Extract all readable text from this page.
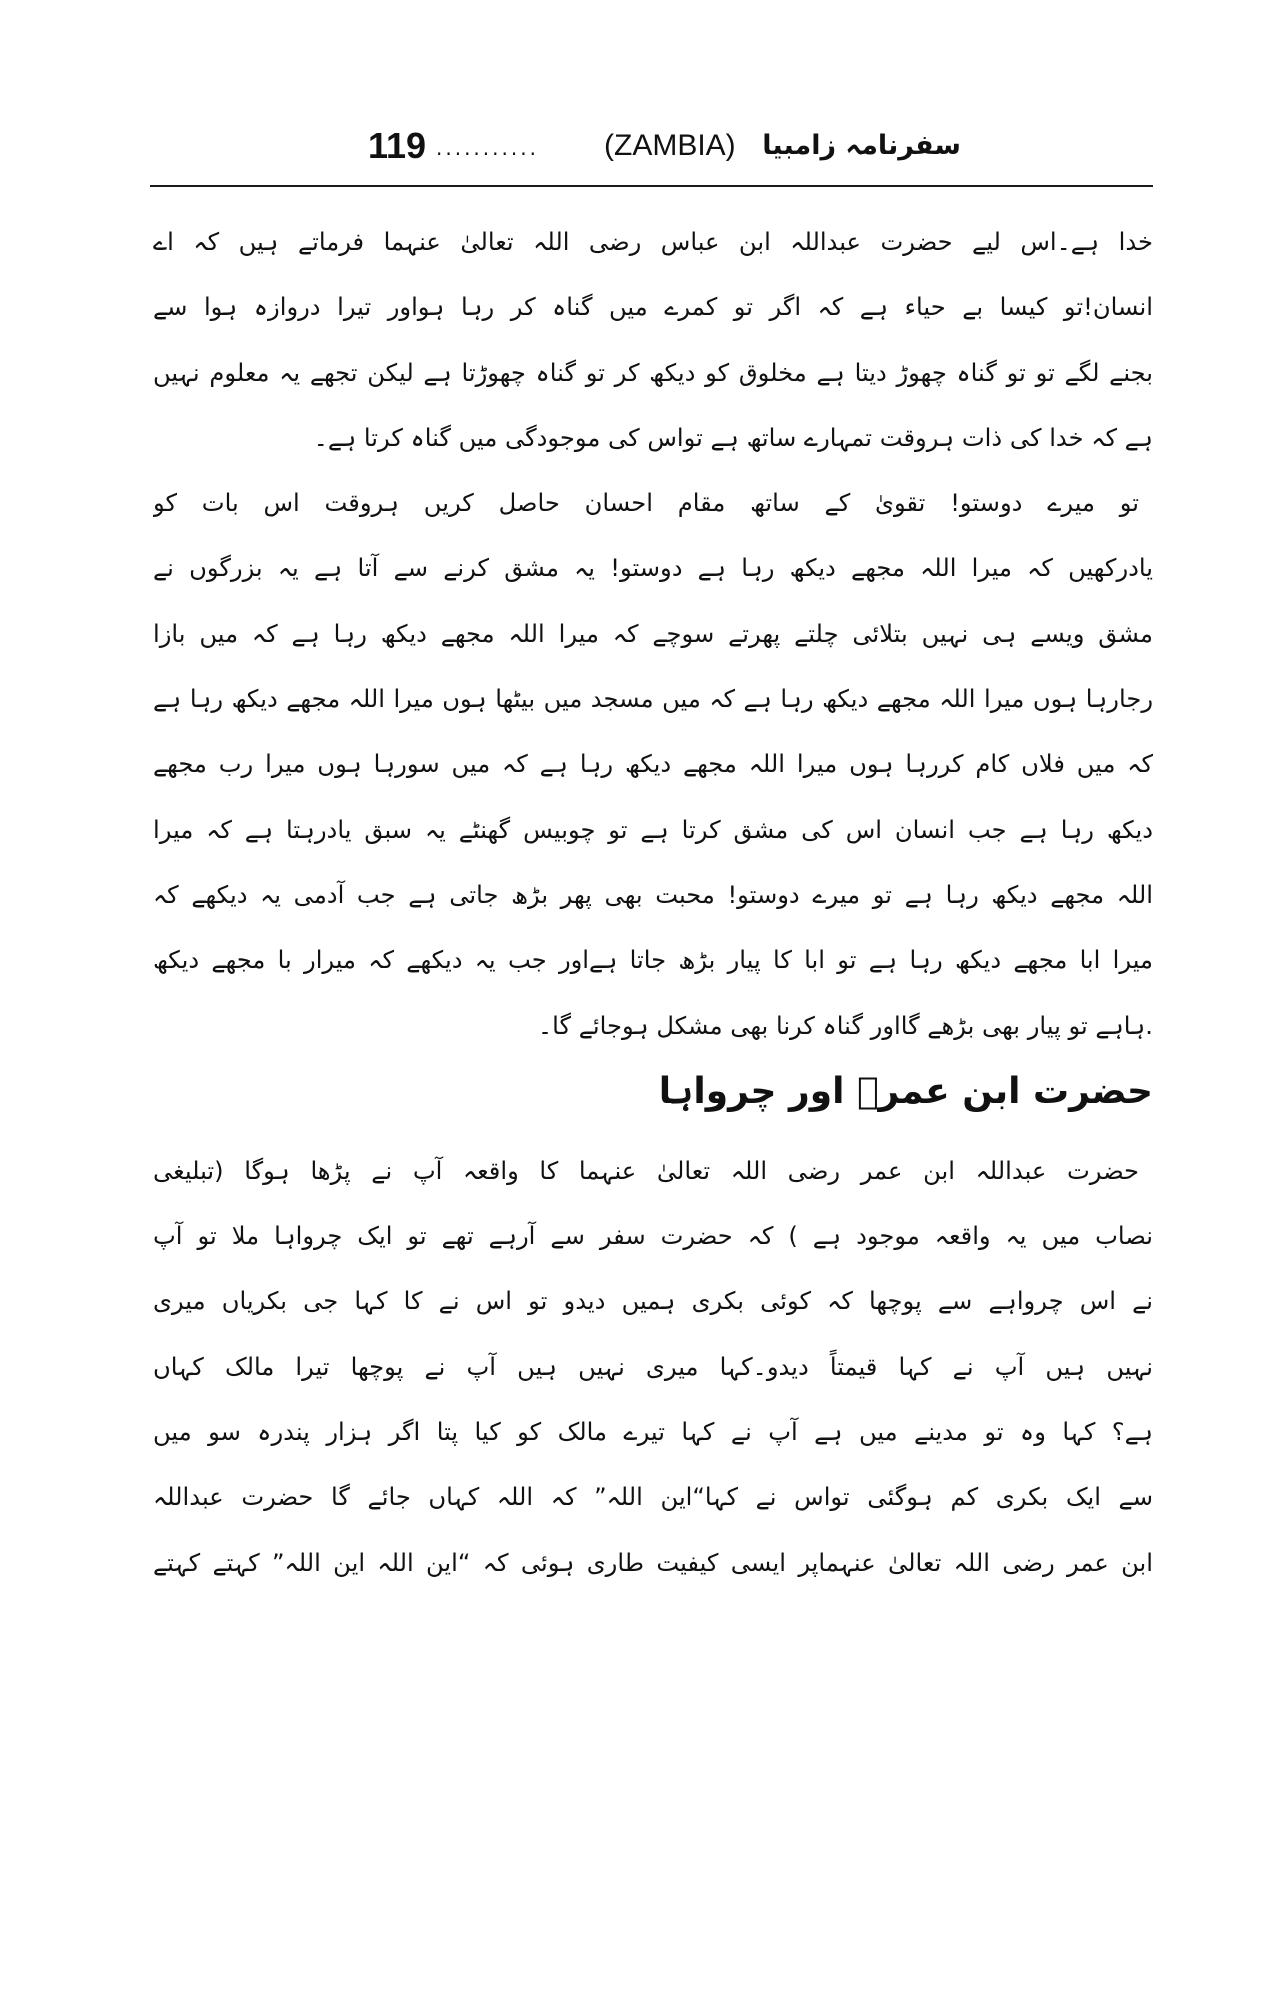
119 ........... (ZAMBIA) سفرنامہ زامبیا
خدا ہے۔اس لیے حضرت عبداللہ ابن عباس رضی اللہ تعالیٰ عنہما فرماتے ہیں کہ اے
انسان!تو کیسا بے حیاء ہے کہ اگر تو کمرے میں گناہ کر رہا ہواور تیرا دروازہ ہوا سے
بجنے لگے تو تو گناہ چھوڑ دیتا ہے مخلوق کو دیکھ کر تو گناہ چھوڑتا ہے لیکن تجھے یہ معلوم نہیں
ہے کہ خدا کی ذات ہروقت تمہارے ساتھ ہے تواس کی موجودگی میں گناہ کرتا ہے۔
تو میرے دوستو! تقویٰ کے ساتھ مقام احسان حاصل کریں ہروقت اس بات کو
یادرکھیں کہ میرا اللہ مجھے دیکھ رہا ہے دوستو! یہ مشق کرنے سے آتا ہے یہ بزرگوں نے
مشق ویسے ہی نہیں بتلائی چلتے پھرتے سوچے کہ میرا اللہ مجھے دیکھ رہا ہے کہ میں بازا
رجارہا ہوں میرا اللہ مجھے دیکھ رہا ہے کہ میں مسجد میں بیٹھا ہوں میرا اللہ مجھے دیکھ رہا ہے
کہ میں فلاں کام کررہا ہوں میرا اللہ مجھے دیکھ رہا ہے کہ میں سورہا ہوں میرا رب مجھے
دیکھ رہا ہے جب انسان اس کی مشق کرتا ہے تو چوبیس گھنٹے یہ سبق یادرہتا ہے کہ میرا
اللہ مجھے دیکھ رہا ہے تو میرے دوستو! محبت بھی پھر بڑھ جاتی ہے جب آدمی یہ دیکھے کہ
میرا ابا مجھے دیکھ رہا ہے تو ابا کا پیار بڑھ جاتا ہےاور جب یہ دیکھے کہ میرار با مجھے دیکھ
.ہاہے تو پیار بھی بڑھے گااور گناہ کرنا بھی مشکل ہوجائے گا۔
حضرت ابن عمرؓ اور چرواہا
حضرت عبداللہ ابن عمر رضی اللہ تعالیٰ عنہما کا واقعہ آپ نے پڑھا ہوگا (تبلیغی
نصاب میں یہ واقعہ موجود ہے ) کہ حضرت سفر سے آرہے تھے تو ایک چرواہا ملا تو آپ
نے اس چرواہے سے پوچھا کہ کوئی بکری ہمیں دیدو تو اس نے کا کہا جی بکریاں میری
نہیں ہیں آپ نے کہا قیمتاً دیدو۔کہا میری نہیں ہیں آپ نے پوچھا تیرا مالک کہاں
ہے؟ کہا وہ تو مدینے میں ہے آپ نے کہا تیرے مالک کو کیا پتا اگر ہزار پندرہ سو میں
سے ایک بکری کم ہوگئی تواس نے کہا“این اللہ” کہ اللہ کہاں جائے گا حضرت عبداللہ
ابن عمر رضی اللہ تعالیٰ عنہماپر ایسی کیفیت طاری ہوئی کہ “این اللہ این اللہ” کہتے کہتے
